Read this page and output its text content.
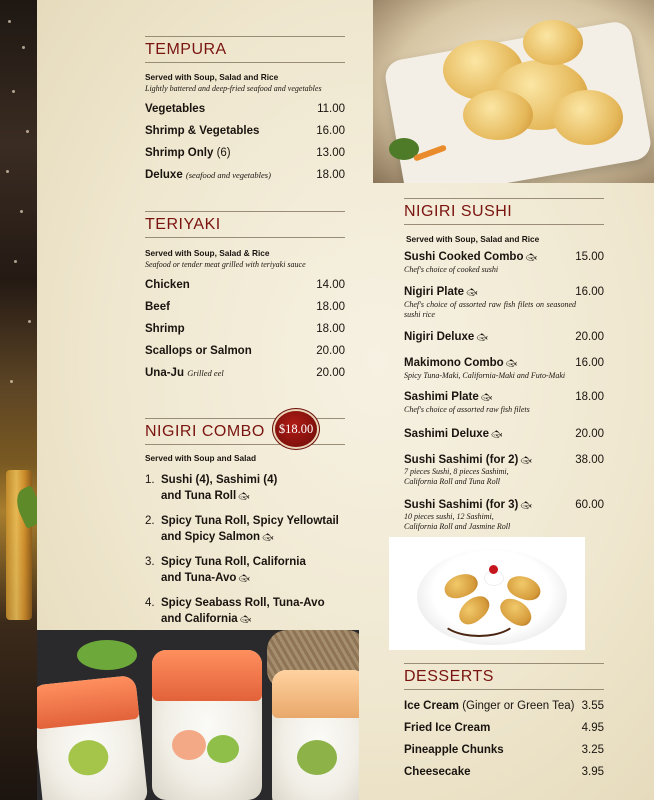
TEMPURA
Served with Soup, Salad and Rice
Lightly battered and deep-fried seafood and vegetables
Vegetables	11.00
Shrimp & Vegetables	16.00
Shrimp Only (6)	13.00
Deluxe (seafood and vegetables)	18.00
TERIYAKI
Served with Soup, Salad & Rice
Seafood or tender meat grilled with teriyaki sauce
Chicken	14.00
Beef	18.00
Shrimp	18.00
Scallops or Salmon	20.00
Una-Ju Grilled eel	20.00
NIGIRI COMBO	$18.00
Served with Soup and Salad
1. Sushi (4), Sashimi (4)
and Tuna Roll 🐟︎
2. Spicy Tuna Roll, Spicy Yellowtail
and Spicy Salmon 🐟︎
3. Spicy Tuna Roll, California
and Tuna-Avo 🐟︎
4. Spicy Seabass Roll, Tuna-Avo
and California 🐟︎
NIGIRI SUSHI
Served with Soup, Salad and Rice
Sushi Cooked Combo 🐟︎	15.00
Chef's choice of cooked sushi
Nigiri Plate 🐟︎	16.00
Chef's choice of assorted raw fish filets on seasoned sushi rice
Nigiri Deluxe 🐟︎	20.00
Makimono Combo 🐟︎	16.00
Spicy Tuna-Maki, California-Maki and Futo-Maki
Sashimi Plate 🐟︎	18.00
Chef's choice of assorted raw fish filets
Sashimi Deluxe 🐟︎	20.00
Sushi Sashimi (for 2) 🐟︎	38.00
7 pieces Sushi, 8 pieces Sashimi, California Roll and Tuna Roll
Sushi Sashimi (for 3) 🐟︎	60.00
10 pieces sushi, 12 Sashimi, California Roll and Jasmine Roll
DESSERTS
Ice Cream (Ginger or Green Tea) 3.55
Fried Ice Cream	4.95
Pineapple Chunks	3.25
Cheesecake	3.95
